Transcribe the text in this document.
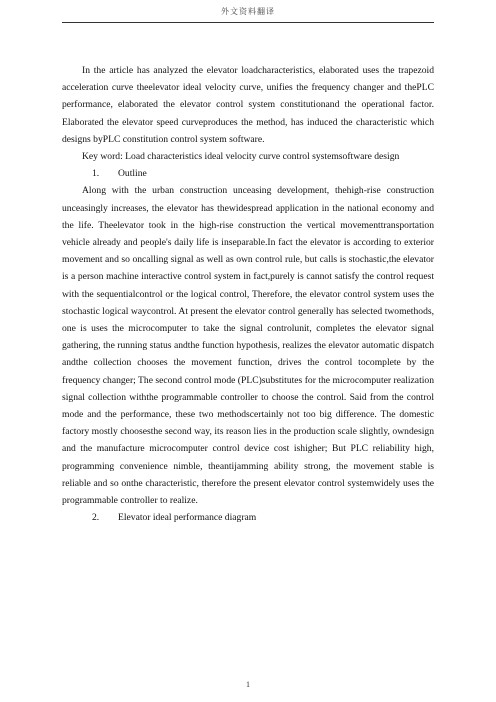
外文资料翻译

In the article has analyzed the elevator loadcharacteristics, elaborated uses the trapezoid acceleration curve theelevator ideal velocity curve, unifies the frequency changer and thePLC performance, elaborated the elevator control system constitutionand the operational factor. Elaborated the elevator speed curveproduces the method, has induced the characteristic which designs byPLC constitution control system software.

Key word: Load characteristics ideal velocity curve control systemsoftware design

1. Outline

Along with the urban construction unceasing development, thehigh-rise construction unceasingly increases, the elevator has thewidespread application in the national economy and the life. Theelevator took in the high-rise construction the vertical movementtransportation vehicle already and people's daily life is inseparable.In fact the elevator is according to exterior movement and so oncalling signal as well as own control rule, but calls is stochastic,the elevator is a person machine interactive control system in fact,purely is cannot satisfy the control request with the sequentialcontrol or the logical control, Therefore, the elevator control system uses the stochastic logical waycontrol. At present the elevator control generally has selected twomethods, one is uses the microcomputer to take the signal controlunit, completes the elevator signal gathering, the running status andthe function hypothesis, realizes the elevator automatic dispatch andthe collection chooses the movement function, drives the control tocomplete by the frequency changer; The second control mode (PLC)substitutes for the microcomputer realization signal collection withthe programmable controller to choose the control. Said from the control mode and the performance, these two methodscertainly not too big difference. The domestic factory mostly choosesthe second way, its reason lies in the production scale slightly, owndesign and the manufacture microcomputer control device cost ishigher; But PLC reliability high, programming convenience nimble, theantijamming ability strong, the movement stable is reliable and so onthe characteristic, therefore the present elevator control systemwidely uses the programmable controller to realize.

2. Elevator ideal performance diagram

1
